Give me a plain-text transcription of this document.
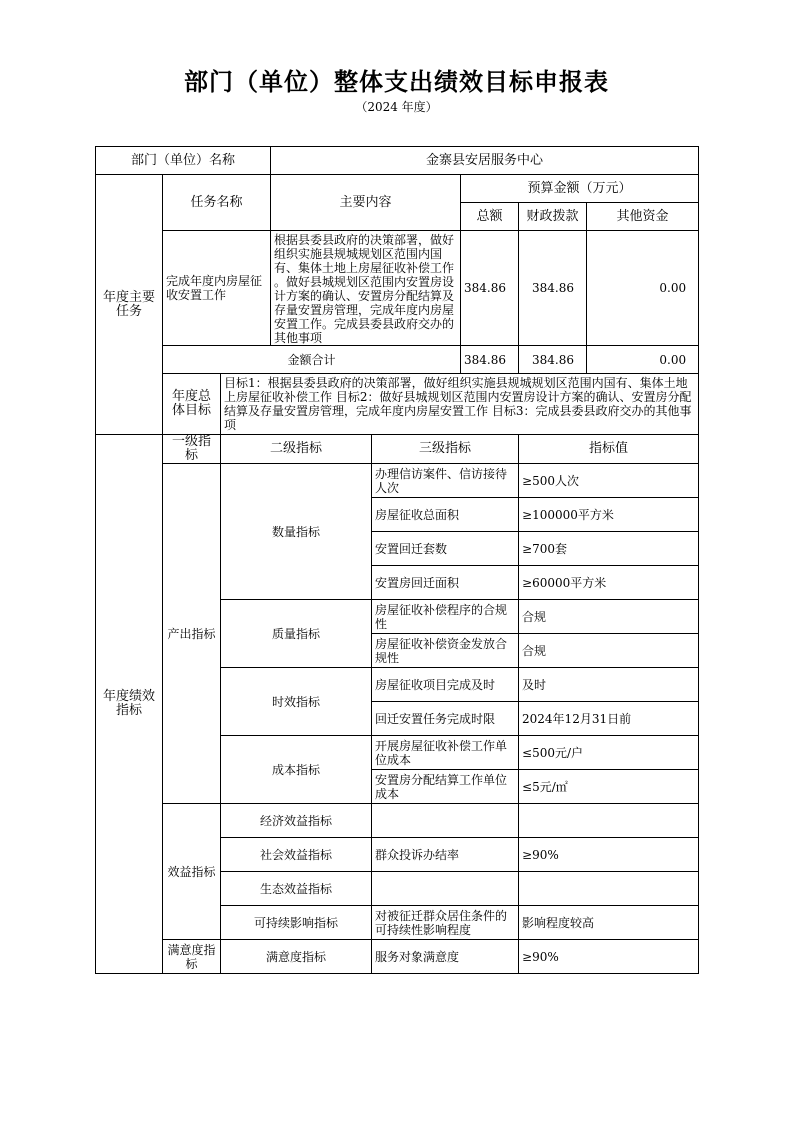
部门（单位）整体支出绩效目标申报表
（2024 年度）
部门（单位）名称			金寨县安居服务中心				
年度主要任务	任务名称		主要内容		预算金额（万元）		
					总额	财政拨款	其他资金
	完成年度内房屋征收安置工作		根据县委县政府的决策部署，做好组织实施县规城规划区范围内国有、集体土地上房屋征收补偿工作 。做好县城规划区范围内安置房设计方案的确认、安置房分配结算及存量安置房管理，完成年度内房屋安置工作。完成县委县政府交办的其他事项		384.86	384.86	0.00
	金额合计				384.86	384.86	0.00
	年度总体目标	目标1：根据县委县政府的决策部署，做好组织实施县规城规划区范围内国有、集体土地上房屋征收补偿工作 目标2：做好县城规划区范围内安置房设计方案的确认、安置房分配结算及存量安置房管理，完成年度内房屋安置工作 目标3：完成县委县政府交办的其他事项					
年度绩效指标	一级指标	二级指标		三级指标		指标值	
	产出指标	数量指标		办理信访案件、信访接待人次		≥500人次	
				房屋征收总面积		≥100000平方米	
				安置回迁套数		≥700套	
				安置房回迁面积		≥60000平方米	
		质量指标		房屋征收补偿程序的合规性		合规	
				房屋征收补偿资金发放合规性		合规	
		时效指标		房屋征收项目完成及时		及时	
				回迁安置任务完成时限		2024年12月31日前	
		成本指标		开展房屋征收补偿工作单位成本		≤500元/户	
				安置房分配结算工作单位成本		≤5元/㎡	
	效益指标	经济效益指标					
		社会效益指标		群众投诉办结率		≥90%	
		生态效益指标					
		可持续影响指标		对被征迁群众居住条件的可持续性影响程度		影响程度较高	
	满意度指标	满意度指标		服务对象满意度		≥90%	
